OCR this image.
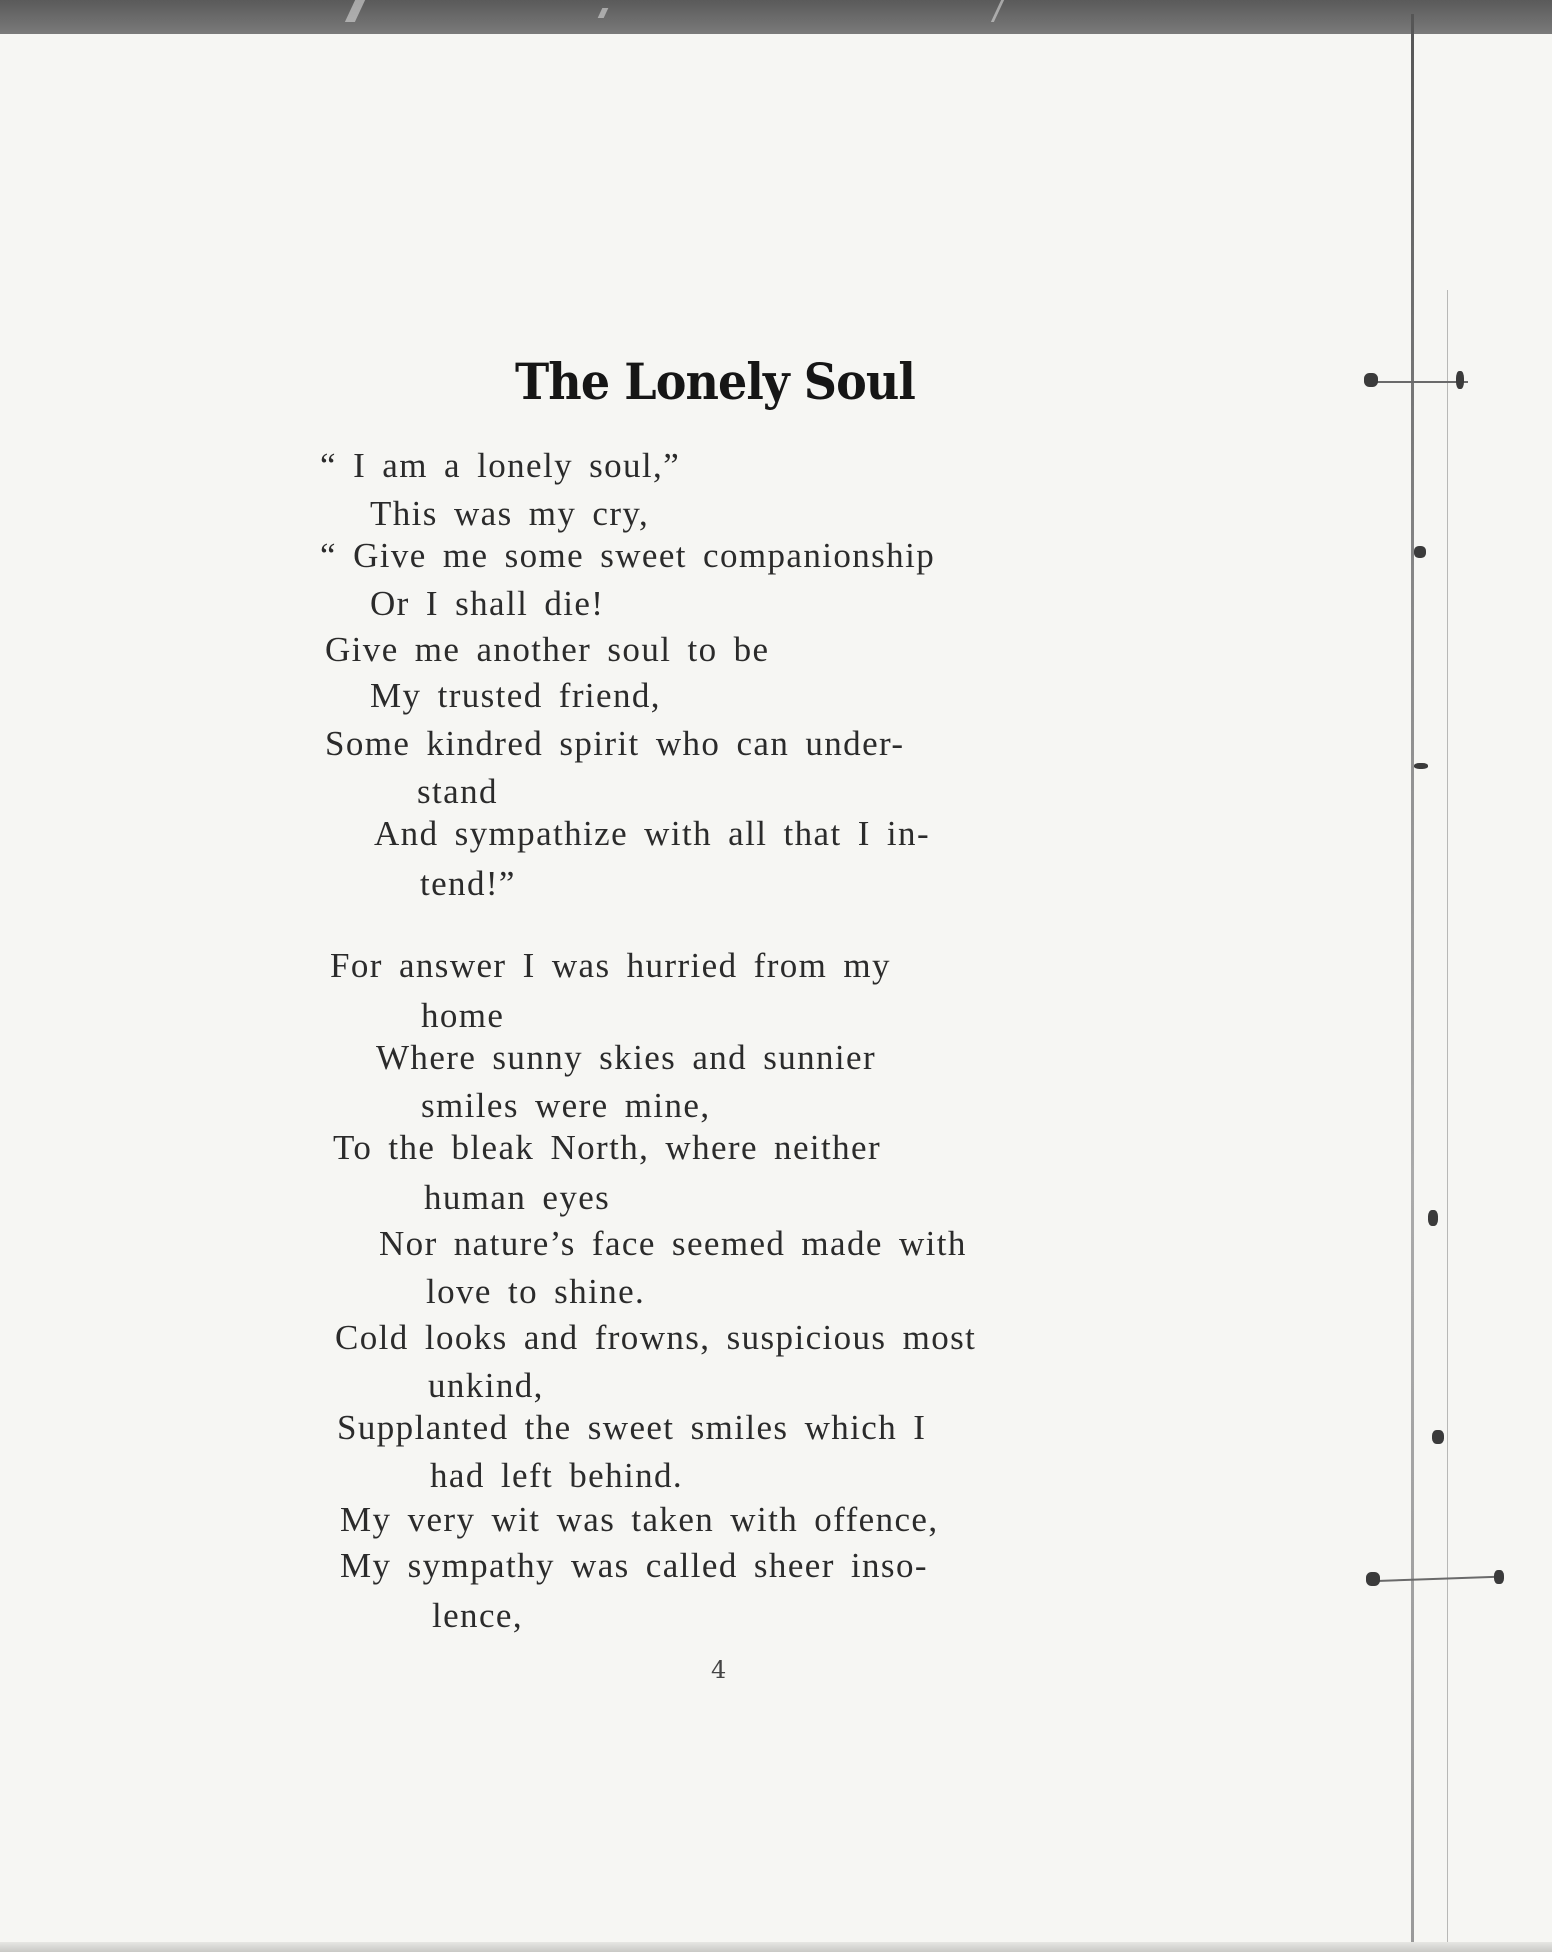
The Lonely Soul
“ I am a lonely soul,”
This was my cry,
“ Give me some sweet companionship
Or I shall die!
Give me another soul to be
My trusted friend,
Some kindred spirit who can under-
stand
And sympathize with all that I in-
tend!”
For answer I was hurried from my
home
Where sunny skies and sunnier
smiles were mine,
To the bleak North, where neither
human eyes
Nor nature’s face seemed made with
love to shine.
Cold looks and frowns, suspicious most
unkind,
Supplanted the sweet smiles which I
had left behind.
My very wit was taken with offence,
My sympathy was called sheer inso-
lence,
4
